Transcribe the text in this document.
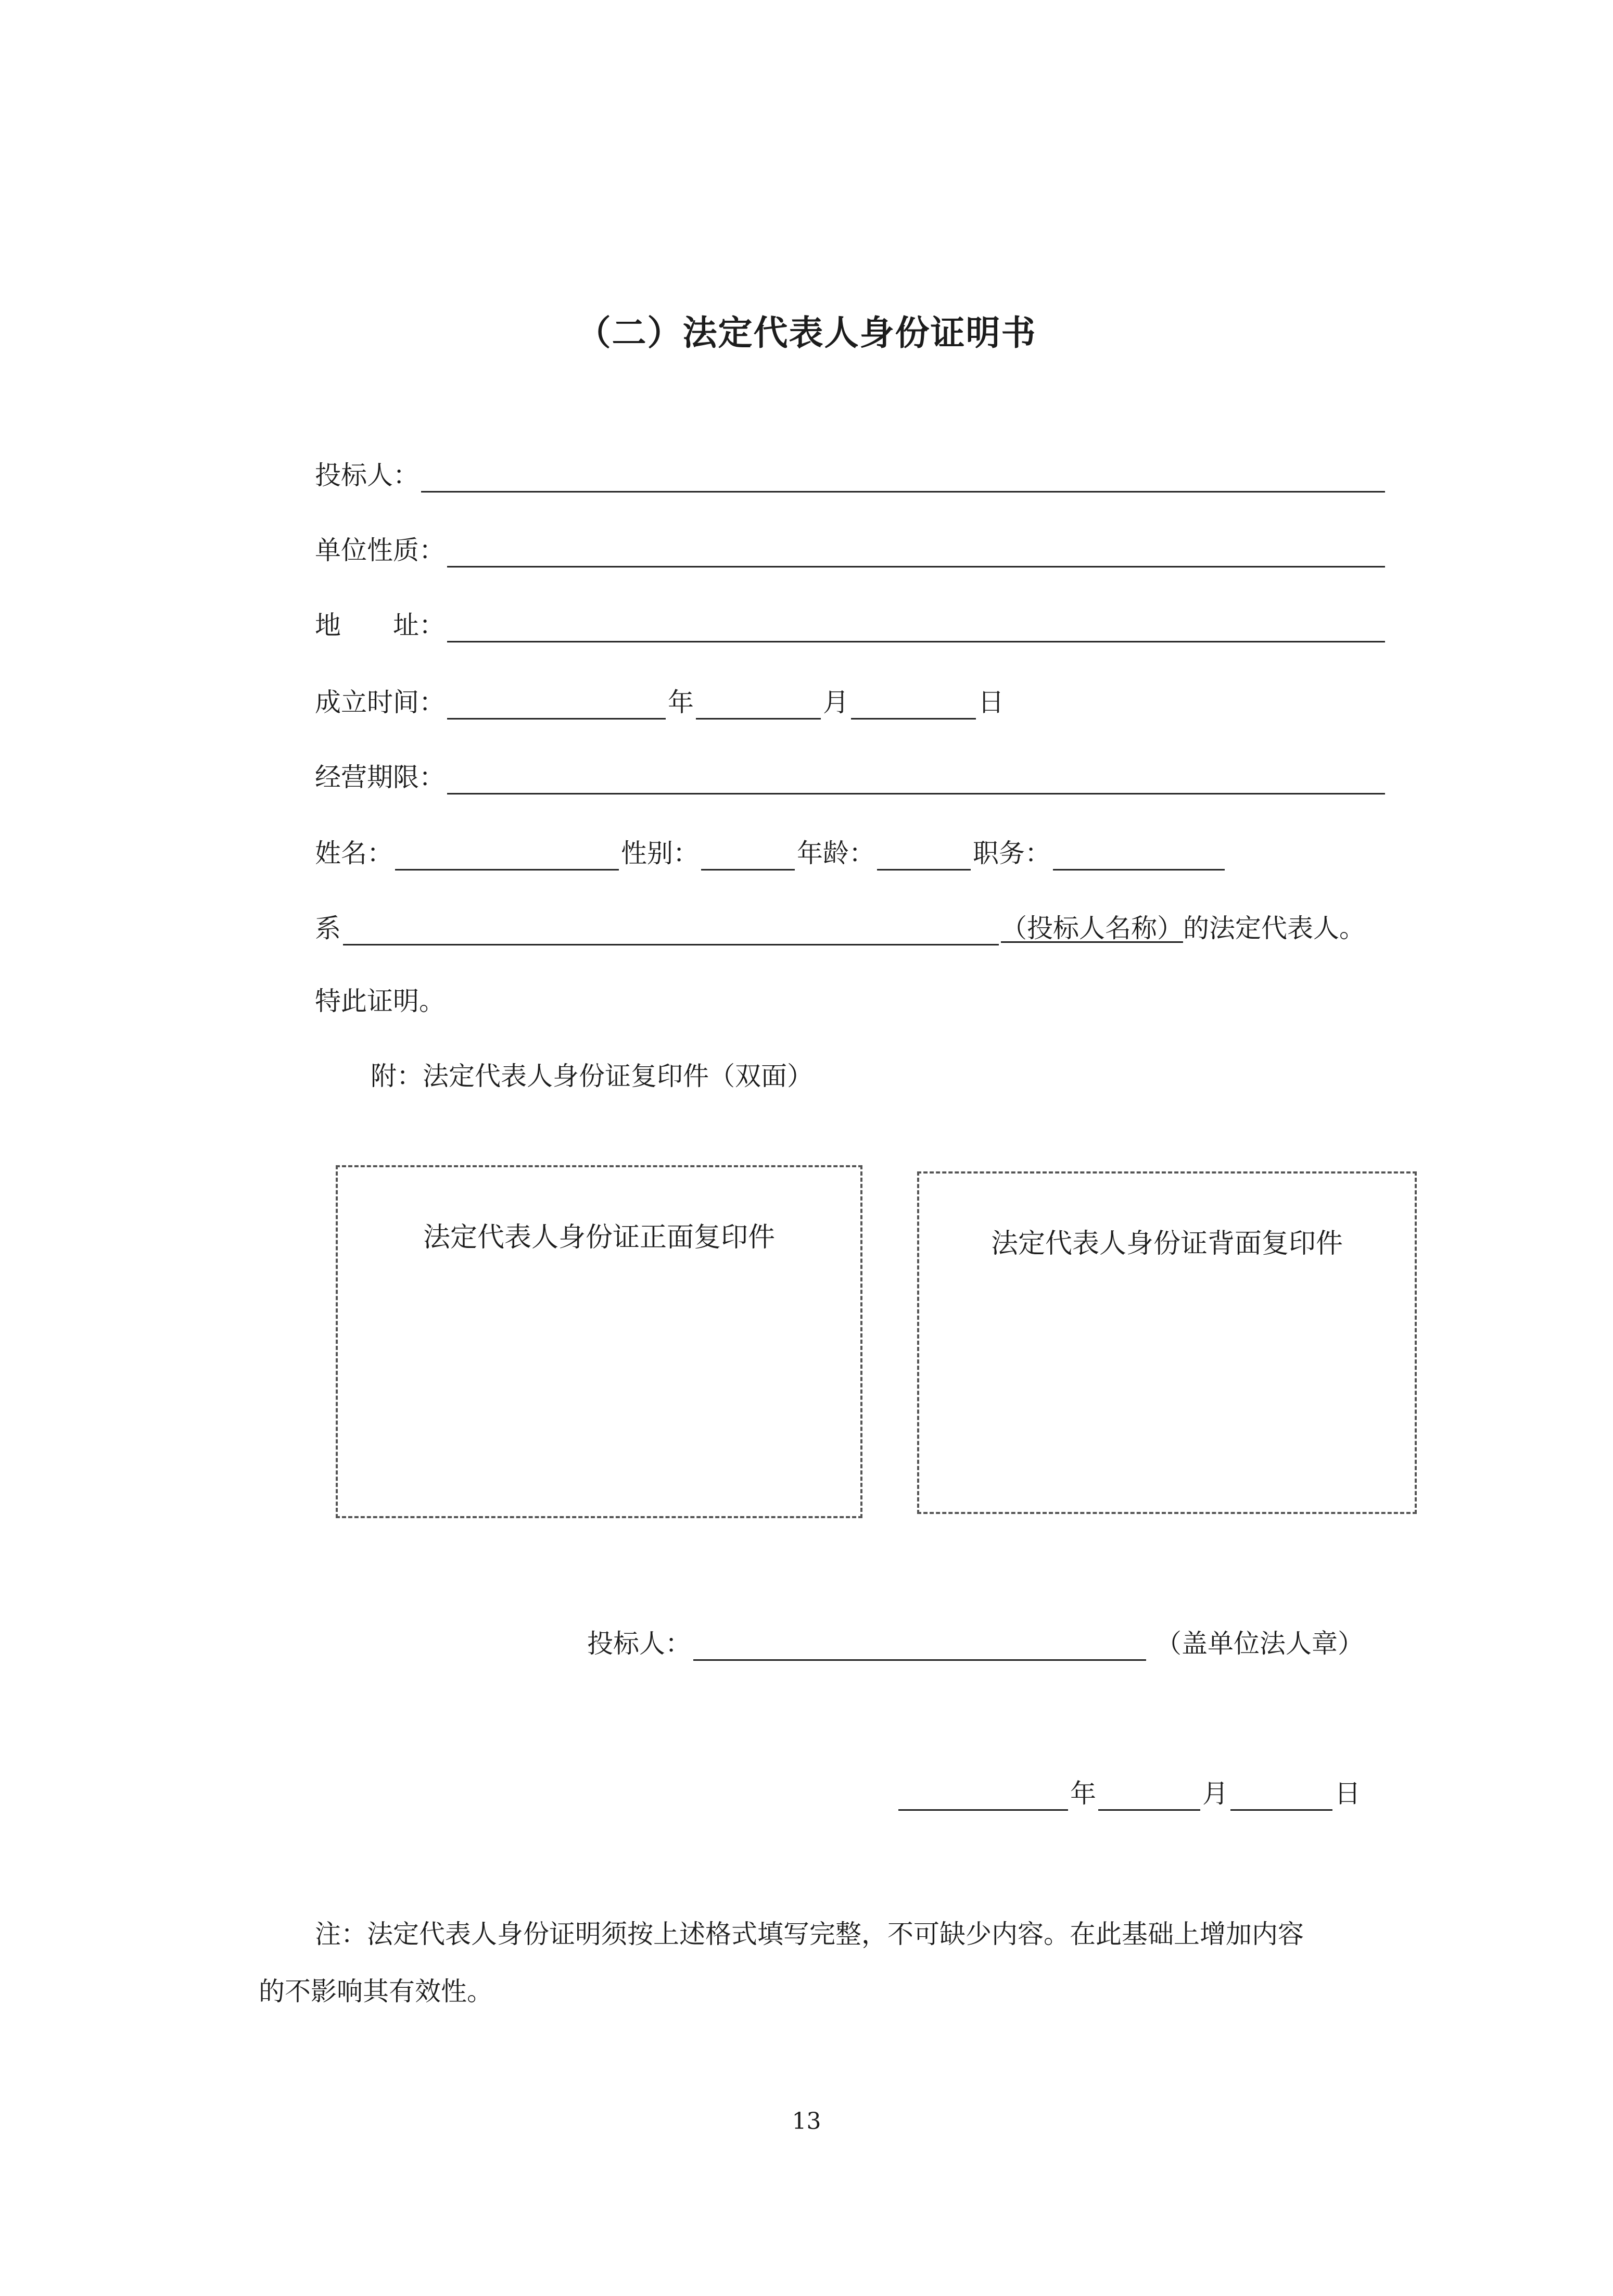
（二）法定代表人身份证明书
投标人：
单位性质：
地　　址：
成立时间：	年	月	日
经营期限：
姓名：	性别：	年龄：	职务：
系	（投标人名称） 的法定代表人。
特此证明。
附：法定代表人身份证复印件（双面）
法定代表人身份证正面复印件	法定代表人身份证背面复印件
投标人：	（盖单位法人章）
年	月	日
注：法定代表人身份证明须按上述格式填写完整，不可缺少内容。在此基础上增加内容
的不影响其有效性。
13
